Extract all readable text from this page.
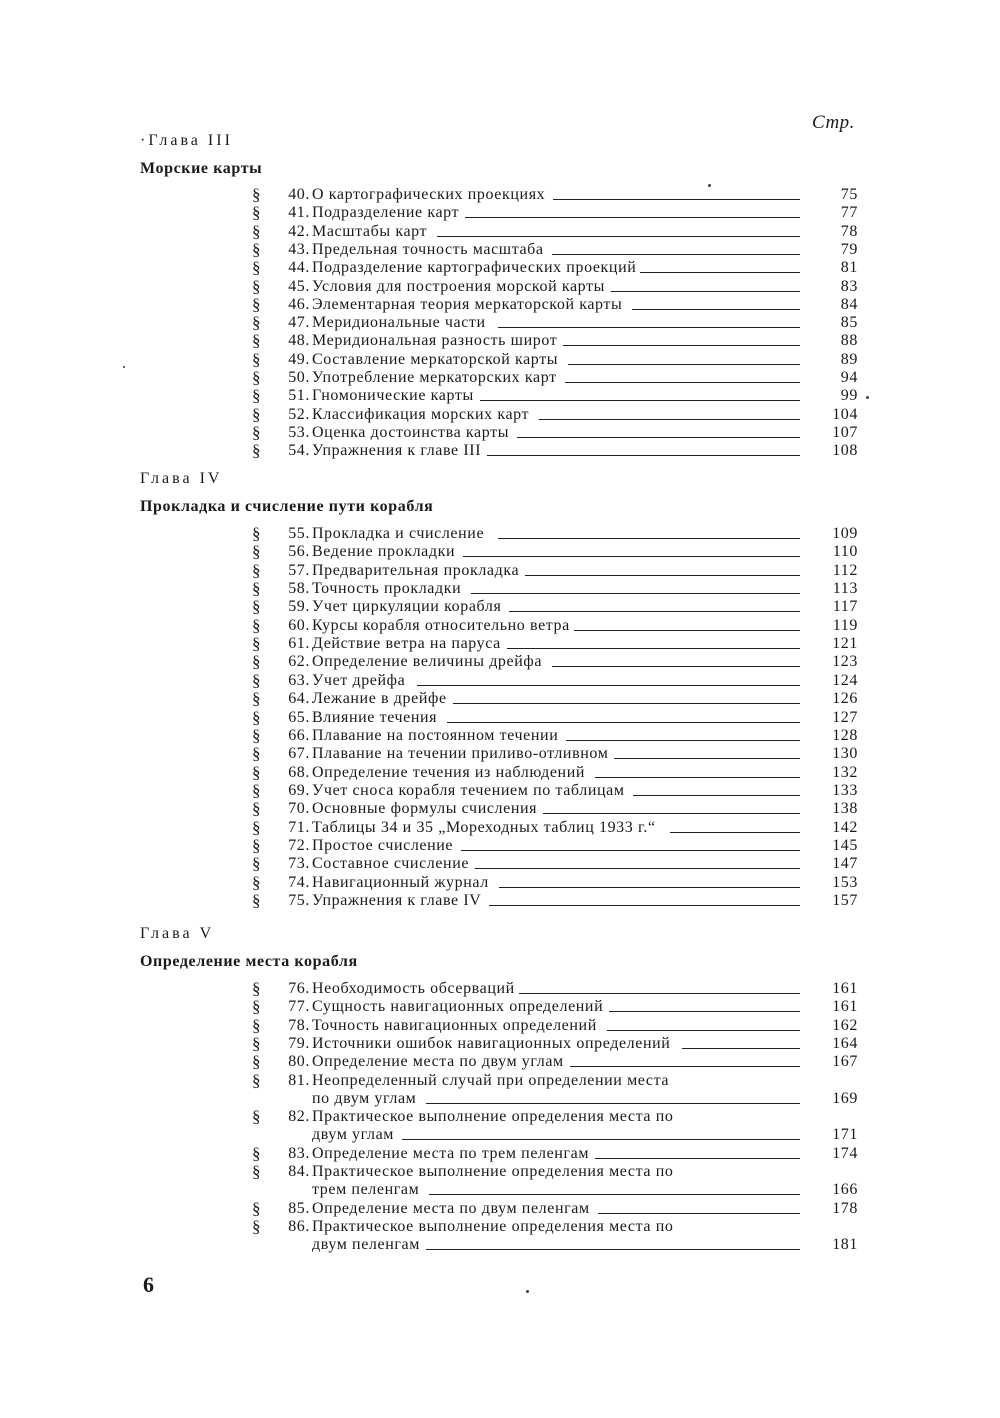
Стр.
·Глава III
Морские карты
§	40. О картографических проекциях	75
§	41. Подразделение карт	77
§	42. Масштабы карт	78
§	43. Предельная точность масштаба	79
§	44. Подразделение картографических проекций	81
§	45. Условия для построения морской карты	83
§	46. Элементарная теория меркаторской карты	84
§	47. Меридиональные части	85
§	48. Меридиональная разность широт	88
§	49. Составление меркаторской карты	89
§	50. Употребление меркаторских карт	94
§	51. Гномонические карты	99
§	52. Классификация морских карт	104
§	53. Оценка достоинства карты	107
§	54. Упражнения к главе III	108
Глава IV
Прокладка и счисление пути корабля
§	55. Прокладка и счисление	109
§	56. Ведение прокладки	110
§	57. Предварительная прокладка	112
§	58. Точность прокладки	113
§	59. Учет циркуляции корабля	117
§	60. Курсы корабля относительно ветра	119
§	61. Действие ветра на паруса	121
§	62. Определение величины дрейфа	123
§	63. Учет дрейфа	124
§	64. Лежание в дрейфе	126
§	65. Влияние течения	127
§	66. Плавание на постоянном течении	128
§	67. Плавание на течении приливо-отливном	130
§	68. Определение течения из наблюдений	132
§	69. Учет сноса корабля течением по таблицам	133
§	70. Основные формулы счисления	138
§	71. Таблицы 34 и 35 „Мореходных таблиц 1933 г.“	142
§	72. Простое счисление	145
§	73. Составное счисление	147
§	74. Навигационный журнал	153
§	75. Упражнения к главе IV	157
Глава V
Определение места корабля
§	76. Необходимость обсерваций	161
§	77. Сущность навигационных определений	161
§	78. Точность навигационных определений	162
§	79. Источники ошибок навигационных определений	164
§	80. Определение места по двум углам	167
§	81. Неопределенный случай при определении места
по двум углам	169
§	82. Практическое выполнение определения места по
двум углам	171
§	83. Определение места по трем пеленгам	174
§	84. Практическое выполнение определения места по
трем пеленгам	166
§	85. Определение места по двум пеленгам	178
§	86. Практическое выполнение определения места по
двум пеленгам	181
6
